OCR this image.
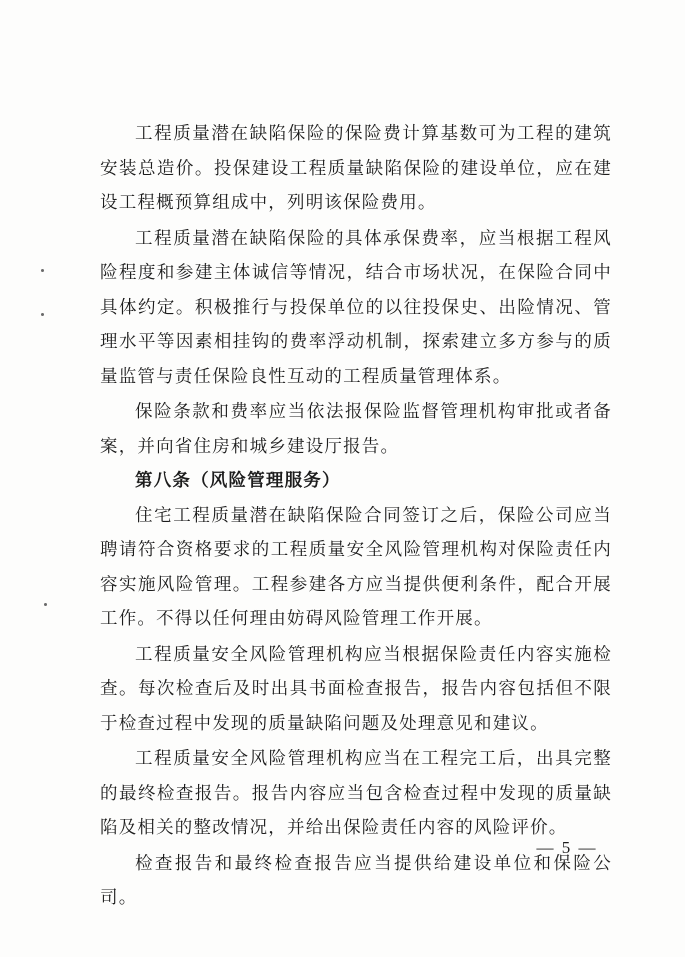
工程质量潜在缺陷保险的保险费计算基数可为工程的建筑安装总造价。投保建设工程质量缺陷保险的建设单位，应在建设工程概预算组成中，列明该保险费用。

工程质量潜在缺陷保险的具体承保费率，应当根据工程风险程度和参建主体诚信等情况，结合市场状况，在保险合同中具体约定。积极推行与投保单位的以往投保史、出险情况、管理水平等因素相挂钩的费率浮动机制，探索建立多方参与的质量监管与责任保险良性互动的工程质量管理体系。

保险条款和费率应当依法报保险监督管理机构审批或者备案，并向省住房和城乡建设厅报告。

第八条（风险管理服务）

住宅工程质量潜在缺陷保险合同签订之后，保险公司应当聘请符合资格要求的工程质量安全风险管理机构对保险责任内容实施风险管理。工程参建各方应当提供便利条件，配合开展工作。不得以任何理由妨碍风险管理工作开展。

工程质量安全风险管理机构应当根据保险责任内容实施检查。每次检查后及时出具书面检查报告，报告内容包括但不限于检查过程中发现的质量缺陷问题及处理意见和建议。

工程质量安全风险管理机构应当在工程完工后，出具完整的最终检查报告。报告内容应当包含检查过程中发现的质量缺陷及相关的整改情况，并给出保险责任内容的风险评价。

检查报告和最终检查报告应当提供给建设单位和保险公司。

— 5 —
